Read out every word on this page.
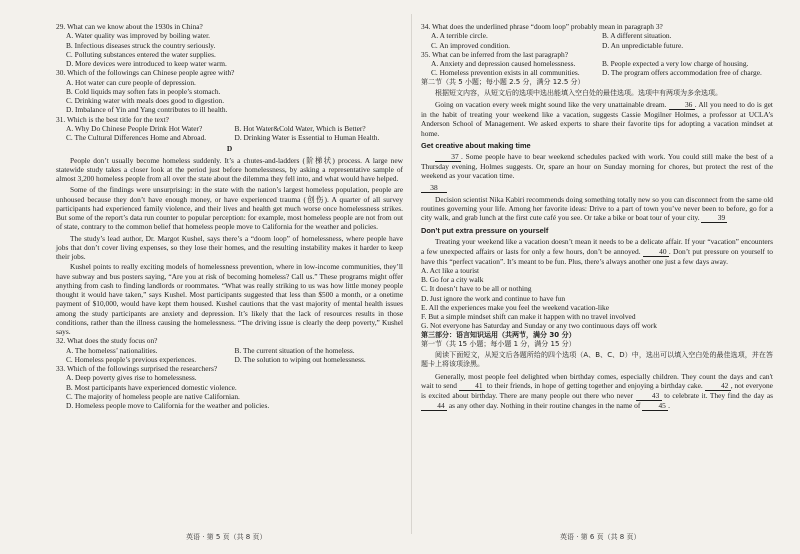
29. What can we know about the 1930s in China?

A. Water quality was improved by boiling water.

B. Infectious diseases struck the country seriously.

C. Polluting substances entered the water supplies.

D. More devices were introduced to keep water warm.

30. Which of the followings can Chinese people agree with?

A. Hot water can cure people of depression.

B. Cold liquids may soften fats in people’s stomach.

C. Drinking water with meals does good to digestion.

D. Imbalance of Yin and Yang contributes to ill health.

31. Which is the best title for the text?

A. Why Do Chinese People Drink Hot Water?	B. Hot Water&Cold Water, Which is Better?

C. The Cultural Differences Home and Abroad.	D. Drinking Water is Essential to Human Health.

D

People don’t usually become homeless suddenly. It’s a chutes-and-ladders (阶梯状) process. A large new statewide study takes a closer look at the period just before homelessness, by asking a representative sample of almost 3,200 homeless people from all over the state about the dilemma they fell into, and what would have helped.

Some of the findings were unsurprising: in the state with the nation’s largest homeless population, people are unhoused because they don’t have enough money, or have experienced trauma (创伤). A quarter of all survey participants had experienced family violence, and their lives and health get much worse once homelessness strikes. But some of the report’s data run counter to popular perception: for example, most homeless people are not from out of state, contrary to the common belief that homeless people move to California for the weather and policies.

The study’s lead author, Dr. Margot Kushel, says there’s a “doom loop” of homelessness, where people have jobs that don’t cover living expenses, so they lose their homes, and the resulting instability makes it harder to keep their jobs.

Kushel points to really exciting models of homelessness prevention, where in low-income communities, they’ll have subway and bus posters saying, “Are you at risk of becoming homeless? Call us.” These programs might offer anything from cash to finding landlords or roommates. “What was really striking to us was how little money people thought it would have taken,” says Kushel. Most participants suggested that less than $500 a month, or a onetime payment of $10,000, would have kept them housed. Kushel cautions that the vast majority of mental health issues among the study participants are anxiety and depression. It’s likely that the lack of resources results in those conditions, rather than the illness causing the homelessness. “The driving issue is clearly the deep poverty,” Kushel says.

32. What does the study focus on?

A. The homeless’ nationalities.	B. The current situation of the homeless.

C. Homeless people’s previous experiences.	D. The solution to wiping out homelessness.

33. Which of the followings surprised the researchers?

A. Deep poverty gives rise to homelessness.

B. Most participants have experienced domestic violence.

C. The majority of homeless people are native Californian.

D. Homeless people move to California for the weather and policies.

34. What does the underlined phrase “doom loop” probably mean in paragraph 3?

A. A terrible circle.	B. A different situation.

C. An improved condition.	D. An unpredictable future.

35. What can be inferred from the last paragraph?

A. Anxiety and depression caused homelessness.	B. People expected a very low charge of housing.

C. Homeless prevention exists in all communities.	D. The program offers accommodation free of charge.

第二节（共 5 小题；每小题 2.5 分，满分 12.5 分）

根据短文内容，从短文后的选项中选出能填入空白处的最佳选项。选项中有两项为多余选项。

Going on vacation every week might sound like the very unattainable dream. 36 . All you need to do is get in the habit of treating your weekend like a vacation, suggests Cassie Mogilner Holmes, a professor at UCLA’s Anderson School of Management. We asked experts to share their favorite tips for adopting a vacation mindset at home.

Get creative about making time

37 . Some people have to bear weekend schedules packed with work. You could still make the best of a Thursday evening, Holmes suggests. Or, spare an hour on Sunday morning for chores, but protect the rest of the weekend as your vacation time.

38

Decision scientist Nika Kabiri recommends doing something totally new so you can disconnect from the same old routines governing your life. Among her favorite ideas: Drive to a part of town you’ve never been to before, go for a city walk, and grab lunch at the first cute café you see. Or take a bike or boat tour of your city. 39

Don’t put extra pressure on yourself

Treating your weekend like a vacation doesn’t mean it needs to be a delicate affair. If your “vacation” encounters a few unexpected affairs or lasts for only a few hours, don’t be annoyed.	40 . Don’t put pressure on yourself to have this “perfect vacation”. It’s meant to be fun. Plus, there’s always another one just a few days away.

A. Act like a tourist

B. Go for a city walk

C. It doesn’t have to be all or nothing

D. Just ignore the work and continue to have fun

E. All the experiences make you feel the weekend vacation-like

F. But a simple mindset shift can make it happen with no travel involved

G. Not everyone has Saturday and Sunday or any two continuous days off work

第三部分：语言知识运用（共两节，满分 30 分）

第一节（共 15 小题；每小题 1 分，满分 15 分）

阅读下面短文，从短文后各题所给的四个选项（A、B、C、D）中，选出可以填入空白处的最佳选项，并在答题卡上将该项涂黑。

Generally, most people feel delighted when birthday comes, especially children. They count the days and can't wait to send 41 to their friends, in hope of getting together and enjoying a birthday cake. 42 , not everyone is excited about birthday. There are many people out there who never	43 to celebrate it. They find the day as 44 as any other day. Nothing in their routine changes in the name of 45 .

英语 · 第 5 页（共 8 页）	英语 · 第 6 页（共 8 页）
